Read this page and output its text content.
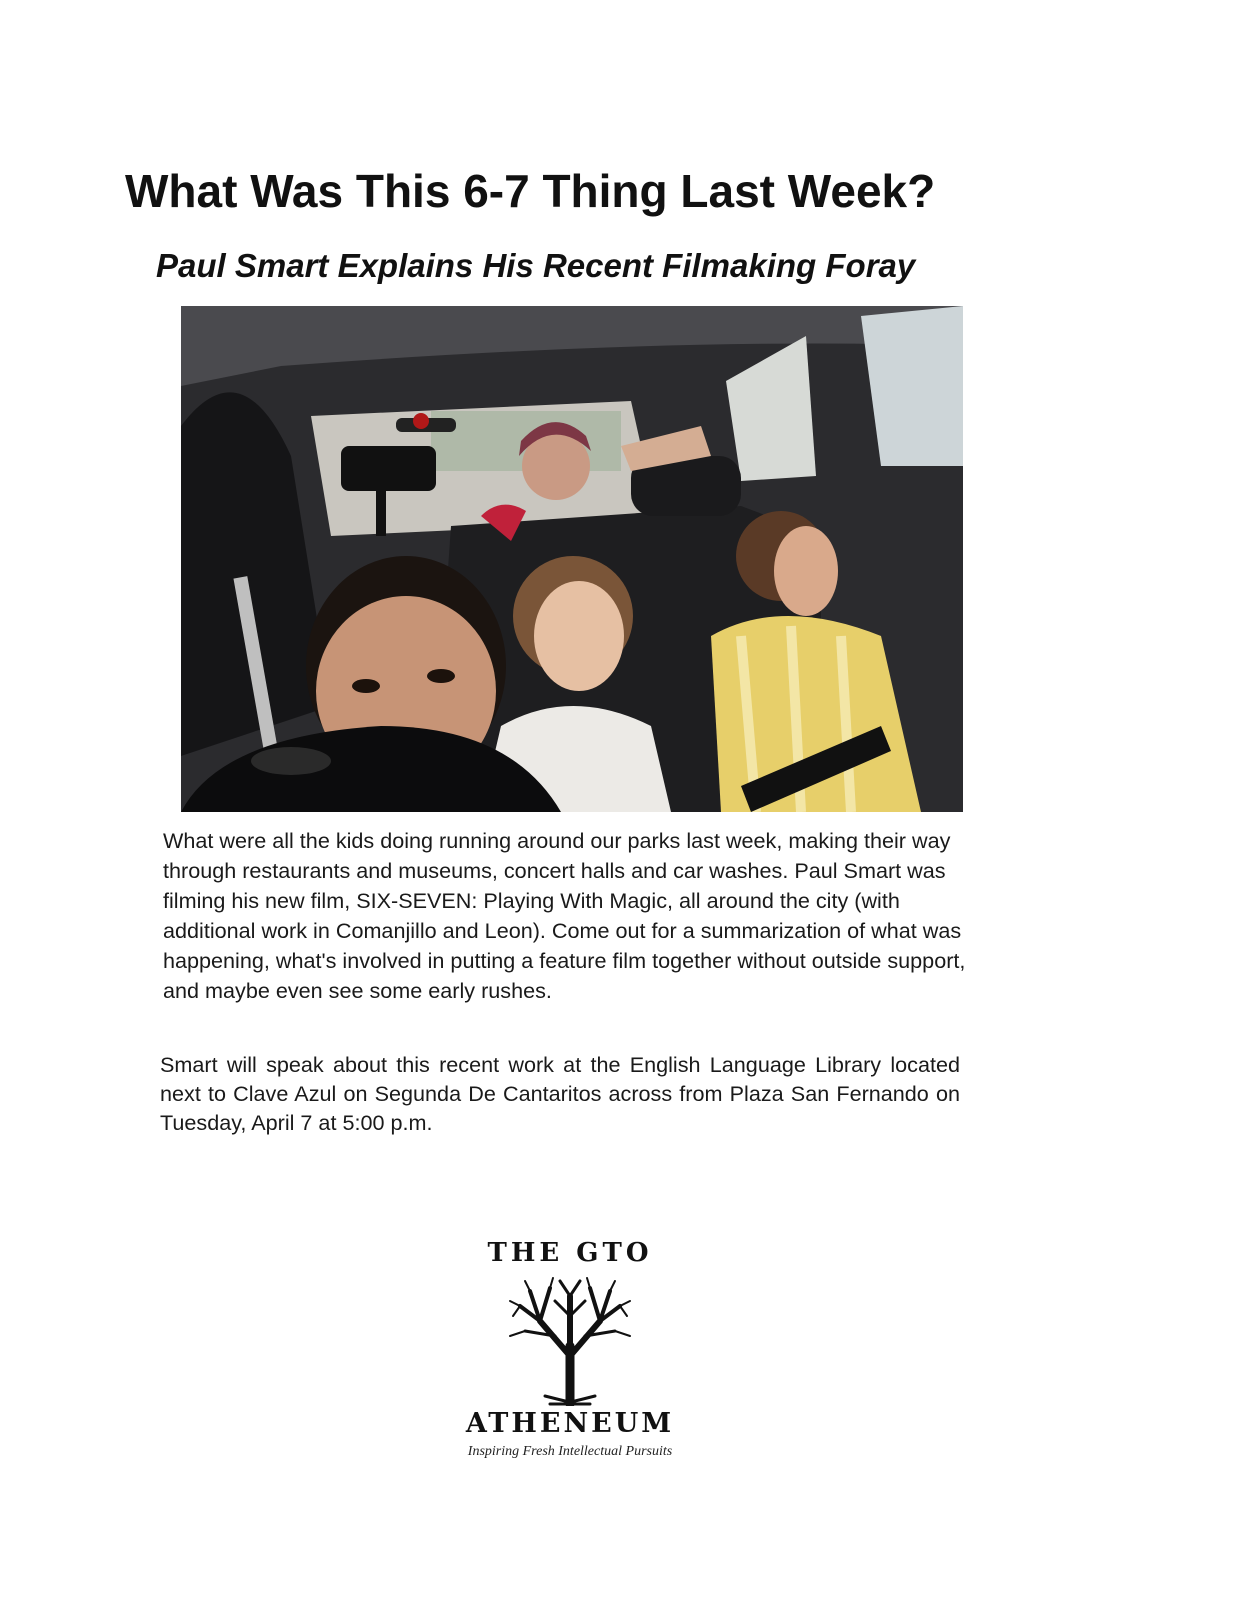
What Was This 6-7 Thing Last Week?
Paul Smart Explains His Recent Filmaking Foray

What were all the kids doing running around our parks last week, making their way through restaurants and museums, concert halls and car washes. Paul Smart was filming his new film, SIX-SEVEN: Playing With Magic, all around the city (with additional work in Comanjillo and Leon). Come out for a summarization of what was happening, what's involved in putting a feature film together without outside support, and maybe even see some early rushes.

Smart will speak about this recent work at the English Language Library located next to Clave Azul on Segunda De Cantaritos across from Plaza San Fernando on Tuesday, April 7 at 5:00 p.m.

THE GTO
ATHENEUM
Inspiring Fresh Intellectual Pursuits
